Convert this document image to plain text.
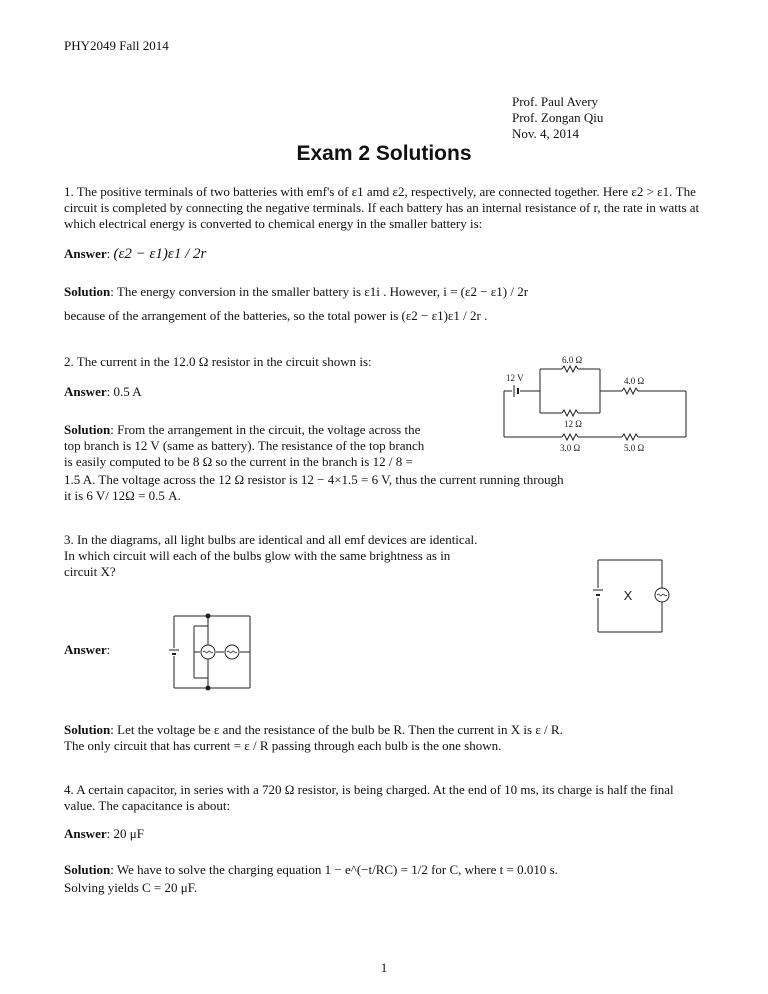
PHY2049 Fall 2014
Prof. Paul Avery
Prof. Zongan Qiu
Nov. 4, 2014
Exam 2 Solutions
1. The positive terminals of two batteries with emf's of ε1 amd ε2, respectively, are connected together. Here ε2 > ε1. The circuit is completed by connecting the negative terminals. If each battery has an internal resistance of r, the rate in watts at which electrical energy is converted to chemical energy in the smaller battery is:
Answer: (ε2 − ε1)ε1 / 2r
Solution: The energy conversion in the smaller battery is ε1i . However, i = (ε2 − ε1) / 2r
because of the arrangement of the batteries, so the total power is (ε2 − ε1)ε1 / 2r .
2. The current in the 12.0 Ω resistor in the circuit shown is:
Answer: 0.5 A
12 V
6.0 Ω
12 Ω
4.0 Ω
3.0 Ω	5.0 Ω
Solution: From the arrangement in the circuit, the voltage across the
top branch is 12 V (same as battery). The resistance of the top branch
is easily computed to be 8 Ω so the current in the branch is 12 / 8 =
1.5 A. The voltage across the 12 Ω resistor is 12 − 4×1.5 = 6 V, thus the current running through
it is 6 V/ 12Ω = 0.5 A.
3. In the diagrams, all light bulbs are identical and all emf devices are identical.
In which circuit will each of the bulbs glow with the same brightness as in
circuit X?
X
Answer:
Solution: Let the voltage be ε and the resistance of the bulb be R. Then the current in X is ε / R.
The only circuit that has current = ε / R passing through each bulb is the one shown.
4. A certain capacitor, in series with a 720 Ω resistor, is being charged. At the end of 10 ms, its charge is half the final value. The capacitance is about:
Answer: 20 μF
Solution: We have to solve the charging equation 1 − e^(−t/RC) = 1/2 for C, where t = 0.010 s.
Solving yields C = 20 μF.
1
